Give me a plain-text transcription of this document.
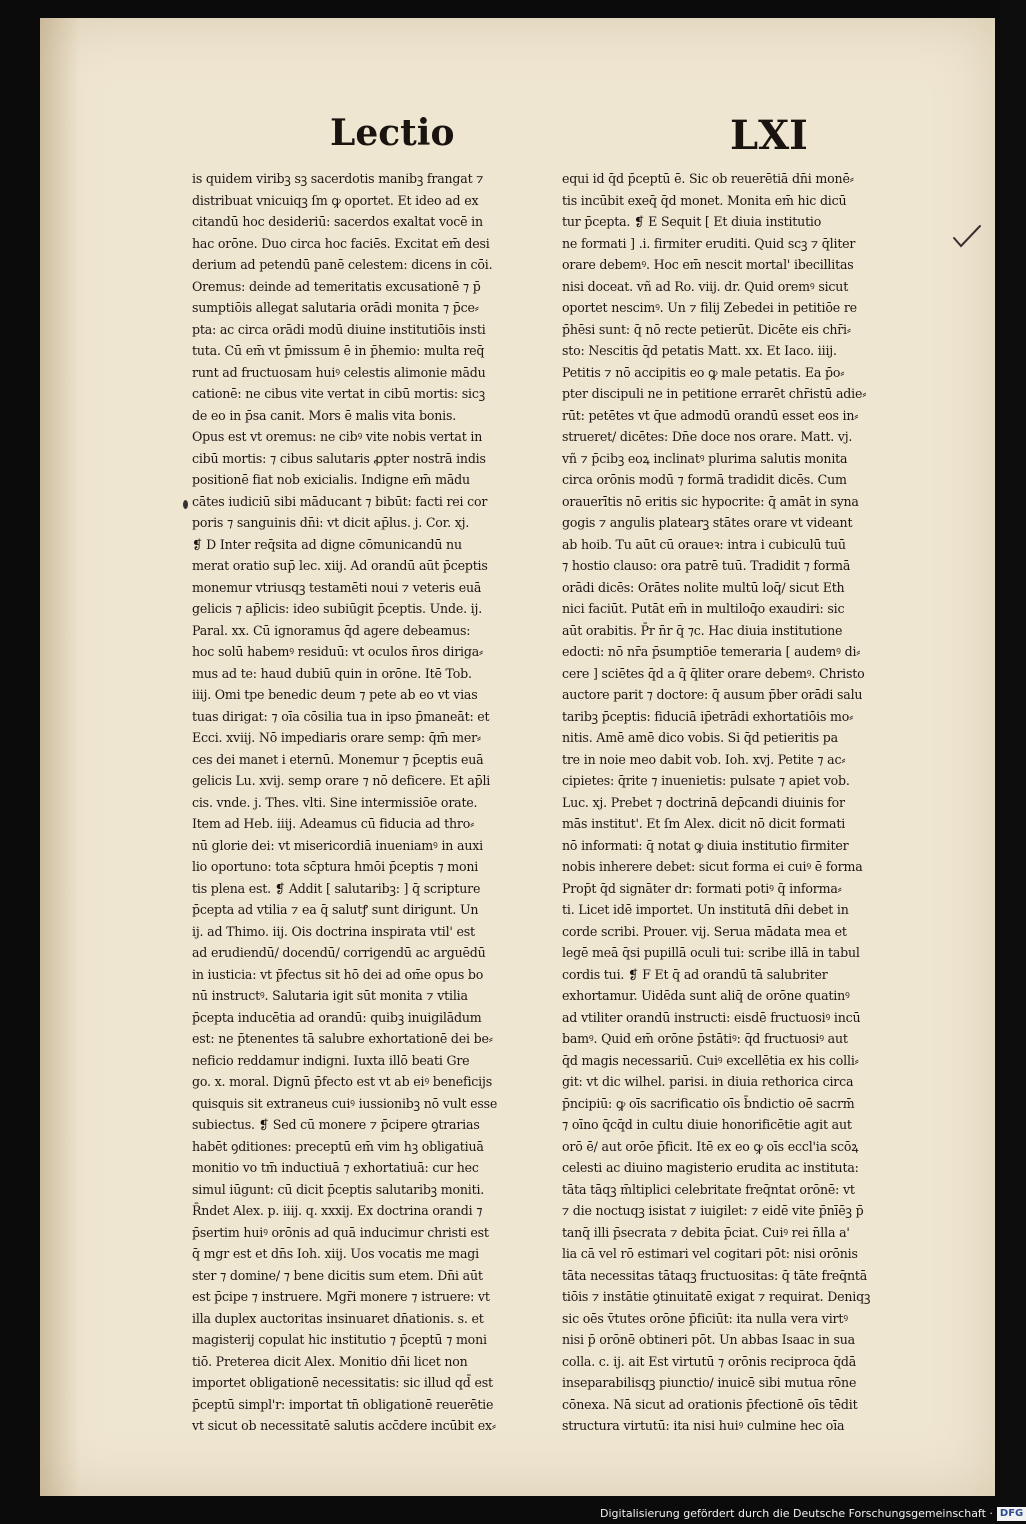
Lectio	LXI
is quidem viribꝫ sꝫ sacerdotis manibꝫ frangat ⁊
distribuat vnicuiqꝫ ſm ꝙ oportet. Et ideo ad ex
citandū hoc desideriū: sacerdos exaltat vocē in
hac orōne. Duo circa hoc faciēs. Excitat em̄ desi
derium ad petendū panē celestem: dicens in cōi.
Oremus: deinde ad temeritatis excusationē ⁊ p̄
sumptiōis allegat salutaria orādi monita ⁊ p̄ce⸗
pta: ac circa orādi modū diuine institutiōis insti
tuta. Cū em̄ vt p̄missum ē in p̄hemio: multa req̄
runt ad fructuosam huiꝰ celestis alimonie mādu
cationē: ne cibus vite vertat in cibū mortis: sicꝫ
de eo in p̄sa canit. Mors ē malis vita bonis.
Opus est vt oremus: ne cibꝰ vite nobis vertat in
cibū mortis: ⁊ cibus salutaris ꝓpter nostrā indis
positionē fiat nob exicialis. Indigne em̄ mādu
cātes iudiciū sibi māducant ⁊ bibūt: facti rei cor
poris ⁊ sanguinis dn̄i: vt dicit ap̄lus. j. Cor. xj.
❡ D Inter req̄sita ad digne cōmunicandū nu
merat oratio sup̄ lec. xiij. Ad orandū aūt p̄ceptis
monemur vtriusqꝫ testamēti noui ⁊ veteris euā
gelicis ⁊ ap̄licis: ideo subiūgit p̄ceptis. Unde. ij.
Paral. xx. Cū ignoramus q̄d agere debeamus:
hoc solū habemꝰ residuū: vt oculos n̄ros diriga⸗
mus ad te: haud dubiū quin in orōne. Itē Tob.
iiij. Omi tpe benedic deum ⁊ pete ab eo vt vias
tuas dirigat: ⁊ oīa cōsilia tua in ipso p̄maneāt: et
Ecci. xviij. Nō impediaris orare semp: q̄m̄ mer⸗
ces dei manet i eternū. Monemur ⁊ p̄ceptis euā
gelicis Lu. xvij. semp orare ⁊ nō deficere. Et ap̄li
cis. vnde. j. Thes. vlti. Sine intermissiōe orate.
Item ad Heb. iiij. Adeamus cū fiducia ad thro⸗
nū glorie dei: vt misericordiā inueniamꝰ in auxi
lio oportuno: tota sc̄ptura hmōi p̄ceptis ⁊ moni
tis plena est. ❡ Addit [ salutaribꝫ: ] q̄ scripture
p̄cepta ad vtilia ⁊ ea q̄ salutꝭ sunt dirigunt. Un
ij. ad Thimo. iij. Ois doctrina inspirata vtil' est
ad erudiendū/ docendū/ corrigendū ac arguēdū
in iusticia: vt p̄fectus sit hō dei ad om̄e opus bo
nū instructꝰ. Salutaria igit sūt monita ⁊ vtilia
p̄cepta inducētia ad orandū: quibꝫ inuigilādum
est: ne p̄tenentes tā salubre exhortationē dei be⸗
neficio reddamur indigni. Iuxta illō beati Gre
go. x. moral. Dignū p̄fecto est vt ab eiꝰ beneficijs
quisquis sit extraneus cuiꝰ iussionibꝫ nō vult esse
subiectus. ❡ Sed cū monere ⁊ p̄cipere ꝯtrarias
habēt ꝯditiones: preceptū em̄ vim hꝫ obligatiuā
monitio vo tm̄ inductiuā ⁊ exhortatiuā: cur hec
simul iūgunt: cū dicit p̄ceptis salutaribꝫ moniti.
R̄ndet Alex. p. iiij. q. xxxij. Ex doctrina orandi ⁊
p̄sertim huiꝰ orōnis ad quā inducimur christi est
q̄ mgr est et dn̄s Ioh. xiij. Uos vocatis me magi
ster ⁊ domine/ ⁊ bene dicitis sum etem. Dn̄i aūt
est p̄cipe ⁊ instruere. Mgr̄i monere ⁊ istruere: vt
illa duplex auctoritas insinuaret dn̄ationis. s. et
magisterij copulat hic institutio ⁊ p̄ceptū ⁊ moni
tiō. Preterea dicit Alex. Monitio dn̄i licet non
importet obligationē necessitatis: sic illud qd̄ est
p̄ceptū simpl'r: importat tn̄ obligationē reuerētie
vt sicut ob necessitatē salutis acc̄dere incūbit ex⸗
equi id q̄d p̄ceptū ē. Sic ob reuerētiā dn̄i monē⸗
tis incūbit exeq̄ q̄d monet. Monita em̄ hic dicū
tur p̄cepta. ❡ E Sequit [ Et diuia institutio
ne formati ] .i. firmiter eruditi. Quid scꝫ ⁊ q̄liter
orare debemꝰ. Hoc em̄ nescit mortal' ibecillitas
nisi doceat. vñ ad Ro. viij. dr. Quid oremꝰ sicut
oportet nescimꝰ. Un ⁊ filij Zebedei in petitiōe re
p̄hēsi sunt: q̄ nō recte petierūt. Dicēte eis chr̄i⸗
sto: Nescitis q̄d petatis Matt. xx. Et Iaco. iiij.
Petitis ⁊ nō accipitis eo ꝙ male petatis. Ea p̄o⸗
pter discipuli ne in petitione errarēt chr̄istū adie⸗
rūt: petētes vt q̄ue admodū orandū esset eos in⸗
strueret/ dicētes: Dn̄e doce nos orare. Matt. vj.
vñ ⁊ p̄cibꝫ eoꝝ inclinatꝰ plurima salutis monita
circa orōnis modū ⁊ formā tradidit dicēs. Cum
orauerītis nō eritis sic hypocrite: q̄ amāt in syna
gogis ⁊ angulis platearꝫ stātes orare vt videant
ab hoib. Tu aūt cū oraueꝛ: intra i cubiculū tuū
⁊ hostio clauso: ora patrē tuū. Tradidit ⁊ formā
orādi dicēs: Orātes nolite multū loq̄/ sicut Eth
nici faciūt. Putāt em̄ in multiloq̄o exaudiri: sic
aūt orabitis. P̄r n̄r q̄ ⁊c. Hac diuia institutione
edocti: nō nr̄a p̄sumptiōe temeraria [ audemꝰ di⸗
cere ] sciētes q̄d a q̄ q̄liter orare debemꝰ. Christo
auctore parit ⁊ doctore: q̄ ausum p̄ber orādi salu
taribꝫ p̄ceptis: fiduciā ip̄etrādi exhortatiōis mo⸗
nitis. Amē amē dico vobis. Si q̄d petieritis pa
tre in noie meo dabit vob. Ioh. xvj. Petite ⁊ ac⸗
cipietes: q̄rite ⁊ inuenietis: pulsate ⁊ apiet vob.
Luc. xj. Prebet ⁊ doctrinā dep̄candi diuinis for
mās institut'. Et ſm Alex. dicit nō dicit formati
nō informati: q̄ notat ꝙ diuia institutio firmiter
nobis inherere debet: sicut forma ei cuiꝰ ē forma
Prop̄t q̄d signāter dr: formati potiꝰ q̄ informa⸗
ti. Licet idē importet. Un institutā dn̄i debet in
corde scribi. Prouer. vij. Serua mādata mea et
legē meā q̄si pupillā oculi tui: scribe illā in tabul
cordis tui. ❡ F Et q̄ ad orandū tā salubriter
exhortamur. Uidēda sunt aliq̄ de orōne quatinꝰ
ad vtiliter orandū instructi: eisdē fructuosiꝰ incū
bamꝰ. Quid em̄ orōne p̄stātiꝰ: q̄d fructuosiꝰ aut
q̄d magis necessariū. Cuiꝰ excellētia ex his colli⸗
git: vt dic wilhel. parisi. in diuia rethorica circa
p̄ncipiū: ꝙ oīs sacrificatio oīs b̄ndictio oē sacrm̄
⁊ oīno q̄cq̄d in cultu diuie honorificētie agit aut
orō ē/ aut orōe p̄ficit. Itē ex eo ꝙ oīs eccl'ia scōꝝ
celesti ac diuino magisterio erudita ac instituta:
tāta tāqꝫ m̄ltiplici celebritate freq̄ntat orōnē: vt
⁊ die noctuqꝫ isistat ⁊ iuigilet: ⁊ eidē vite p̄nīēꝫ p̄
tanq̄ illi p̄secrata ⁊ debita p̄ciat. Cuiꝰ rei n̄lla a'
lia cā vel rō estimari vel cogitari pōt: nisi orōnis
tāta necessitas tātaqꝫ fructuositas: q̄ tāte freq̄ntā
tiōis ⁊ instātie ꝯtinuitatē exigat ⁊ requirat. Deniqꝫ
sic oēs v̄tutes orōne p̄ficiūt: ita nulla vera virtꝰ
nisi p̄ orōnē obtineri pōt. Un abbas Isaac in sua
colla. c. ij. ait Est virtutū ⁊ orōnis reciproca q̄dā
inseparabilisqꝫ piunctio/ inuicē sibi mutua rōne
cōnexa. Nā sicut ad orationis p̄fectionē oīs tēdit
structura virtutū: ita nisi huiꝰ culmine hec oīa
Digitalisierung gefördert durch die Deutsche Forschungsgemeinschaft · DFG
